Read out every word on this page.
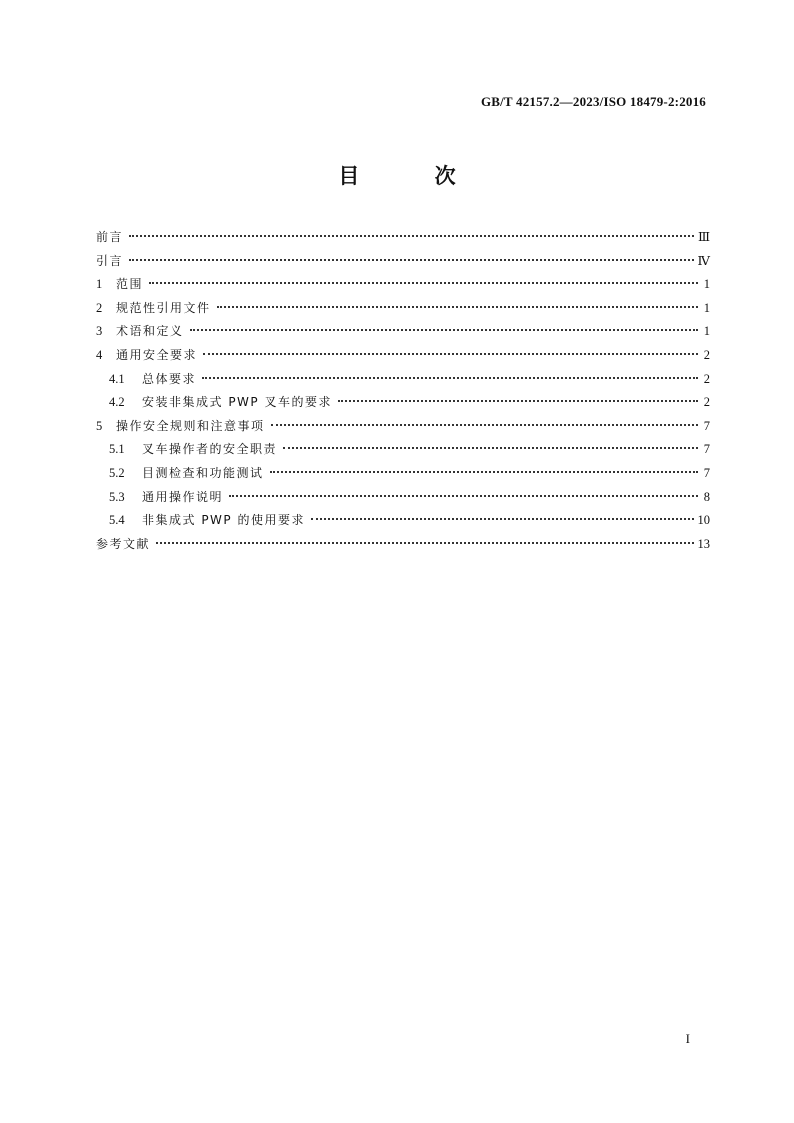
GB/T 42157.2—2023/ISO 18479-2:2016
目 次
前言	Ⅲ
引言	Ⅳ
1	范围	1
2	规范性引用文件	1
3	术语和定义	1
4	通用安全要求	2
4.1	总体要求	2
4.2	安装非集成式 PWP 叉车的要求	2
5	操作安全规则和注意事项	7
5.1	叉车操作者的安全职责	7
5.2	目测检查和功能测试	7
5.3	通用操作说明	8
5.4	非集成式 PWP 的使用要求	10
参考文献	13
I
